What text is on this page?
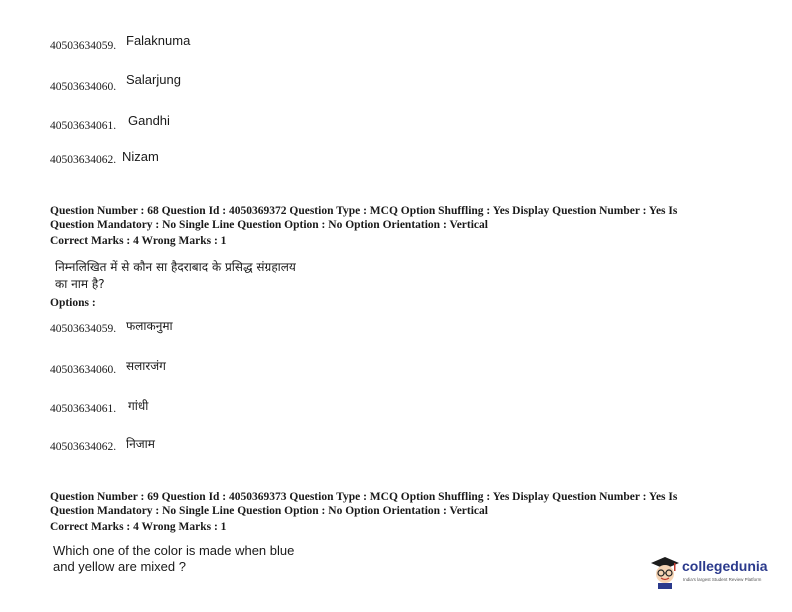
40503634059. Falaknuma
40503634060. Salarjung
40503634061. Gandhi
40503634062. Nizam
Question Number : 68 Question Id : 4050369372 Question Type : MCQ Option Shuffling : Yes Display Question Number : Yes Is
Question Mandatory : No Single Line Question Option : No Option Orientation : Vertical
Correct Marks : 4 Wrong Marks : 1
निम्नलिखित में से कौन सा हैदराबाद के प्रसिद्ध संग्रहालय
का नाम है?
Options :
40503634059. फलाकनुमा
40503634060. सलारजंग
40503634061. गांधी
40503634062. निजाम
Question Number : 69 Question Id : 4050369373 Question Type : MCQ Option Shuffling : Yes Display Question Number : Yes Is
Question Mandatory : No Single Line Question Option : No Option Orientation : Vertical
Correct Marks : 4 Wrong Marks : 1
Which one of the color is made when blue
and yellow are mixed ?	collegedunia
India's largest Student Review Platform
